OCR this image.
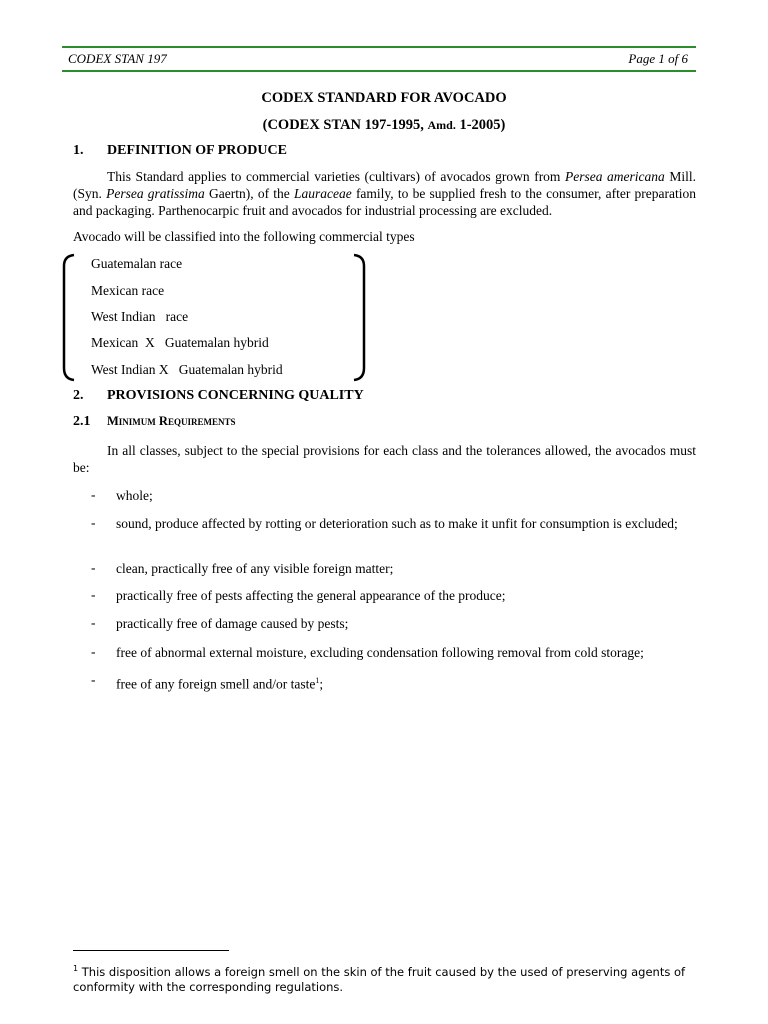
CODEX STAN 197	Page 1 of 6
CODEX STANDARD FOR AVOCADO
(CODEX STAN 197-1995, Amd. 1-2005)
1. DEFINITION OF PRODUCE
This Standard applies to commercial varieties (cultivars) of avocados grown from Persea americana Mill. (Syn. Persea gratissima Gaertn), of the Lauraceae family, to be supplied fresh to the consumer, after preparation and packaging. Parthenocarpic fruit and avocados for industrial processing are excluded.
Avocado will be classified into the following commercial types
Guatemalan race
Mexican race
West Indian   race
Mexican  X   Guatemalan hybrid
West Indian X   Guatemalan hybrid
2. PROVISIONS CONCERNING QUALITY
2.1 Minimum Requirements
In all classes, subject to the special provisions for each class and the tolerances allowed, the avocados must be:
- whole;
- sound, produce affected by rotting or deterioration such as to make it unfit for consumption is excluded;
- clean, practically free of any visible foreign matter;
- practically free of pests affecting the general appearance of the produce;
- practically free of damage caused by pests;
- free of abnormal external moisture, excluding condensation following removal from cold storage;
- free of any foreign smell and/or taste$^1$;
$^1$ This disposition allows a foreign smell on the skin of the fruit caused by the used of preserving agents of conformity with the corresponding regulations.
